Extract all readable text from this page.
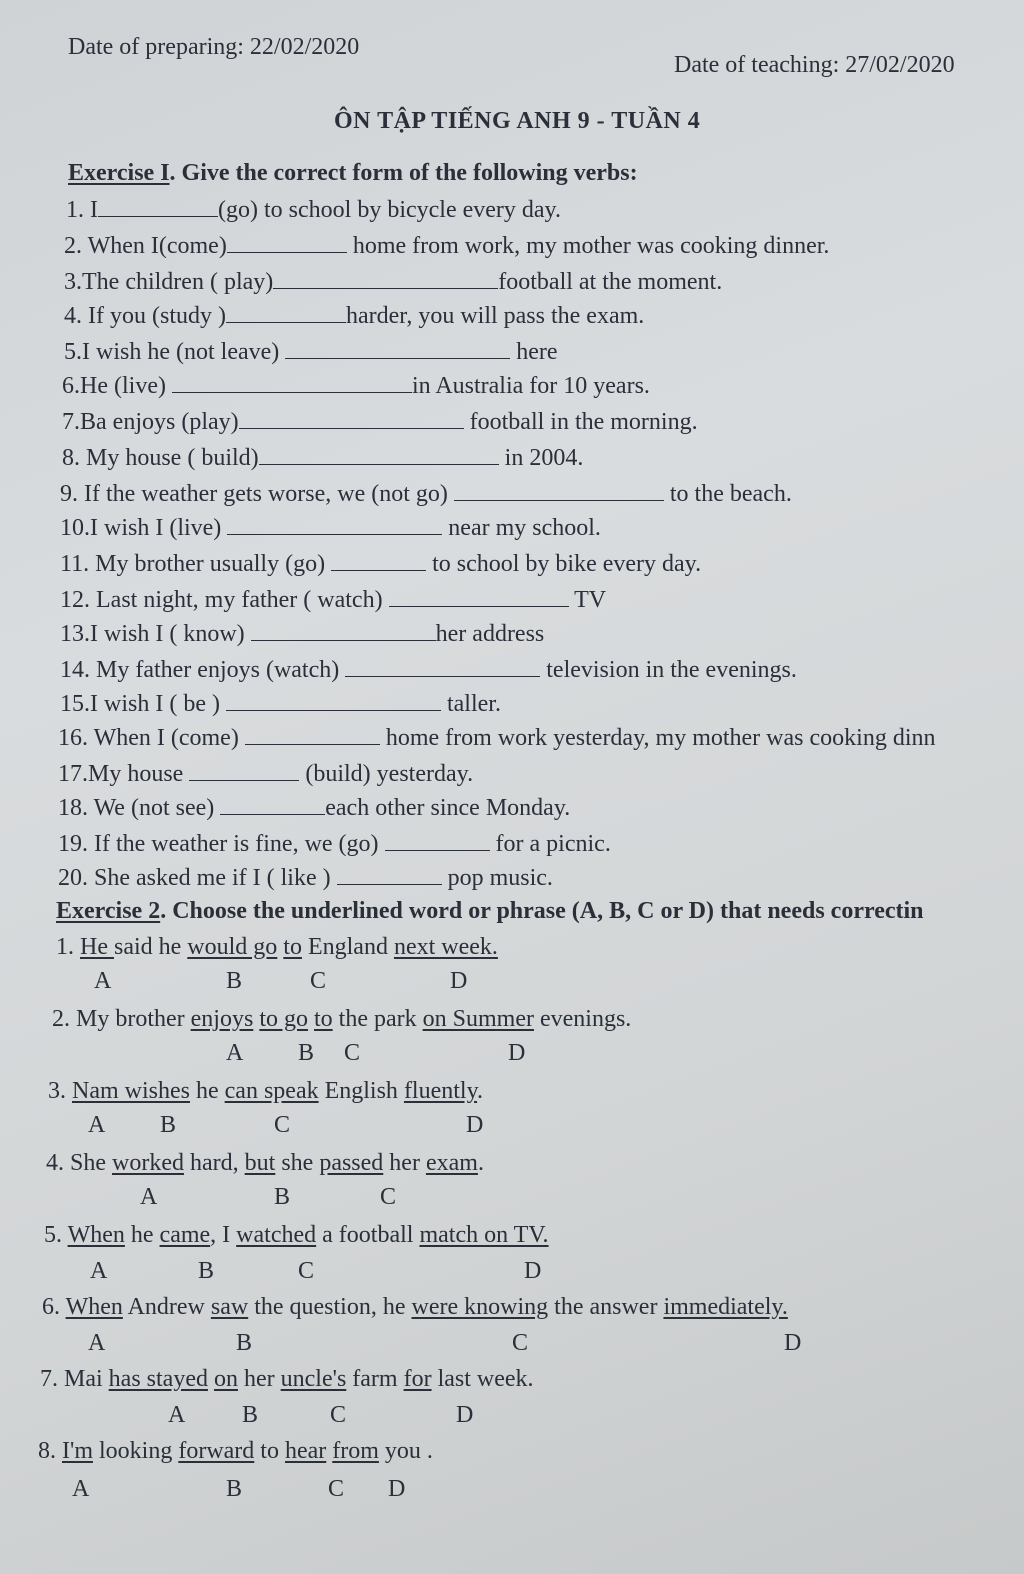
Date of preparing: 22/02/2020
Date of teaching: 27/02/2020
ÔN TẬP TIẾNG ANH 9 - TUẦN 4
Exercise I. Give the correct form of the following verbs:
1. I	(go) to school by bicycle every day.
2. When I(come)	home from work, my mother was cooking dinner.
3.The children ( play)	football at the moment.
4. If you (study )	harder, you will pass the exam.
5.I wish he (not leave)	here
6.He (live)	in Australia for 10 years.
7.Ba enjoys (play)	football in the morning.
8. My house ( build)	in 2004.
9. If the weather gets worse, we (not go)	to the beach.
10.I wish I (live)	near my school.
11. My brother usually (go)	to school by bike every day.
12. Last night, my father ( watch)	TV
13.I wish I ( know)	her address
14. My father enjoys (watch)	television in the evenings.
15.I wish I ( be )	taller.
16. When I (come)	home from work yesterday, my mother was cooking dinn
17.My house	(build) yesterday.
18. We (not see)	each other since Monday.
19. If the weather is fine, we (go)	for a picnic.
20. She asked me if I ( like )	pop music.
Exercise 2. Choose the underlined word or phrase (A, B, C or D) that needs correctin
1. He said he would go to England next week.
A	B	C	D
2. My brother enjoys to go to the park on Summer evenings.
A B C	D
3. Nam wishes he can speak English fluently.
A B	C	D
4. She worked hard, but she passed her exam.
A	B	C
5. When he came, I watched a football match on TV.
A	B	C	D
6. When Andrew saw the question, he were knowing the answer immediately.
A	B	C	D
7. Mai has stayed on her uncle's farm for last week.
A B	C	D
8. I'm looking forward to hear from you .
A	B	C D
